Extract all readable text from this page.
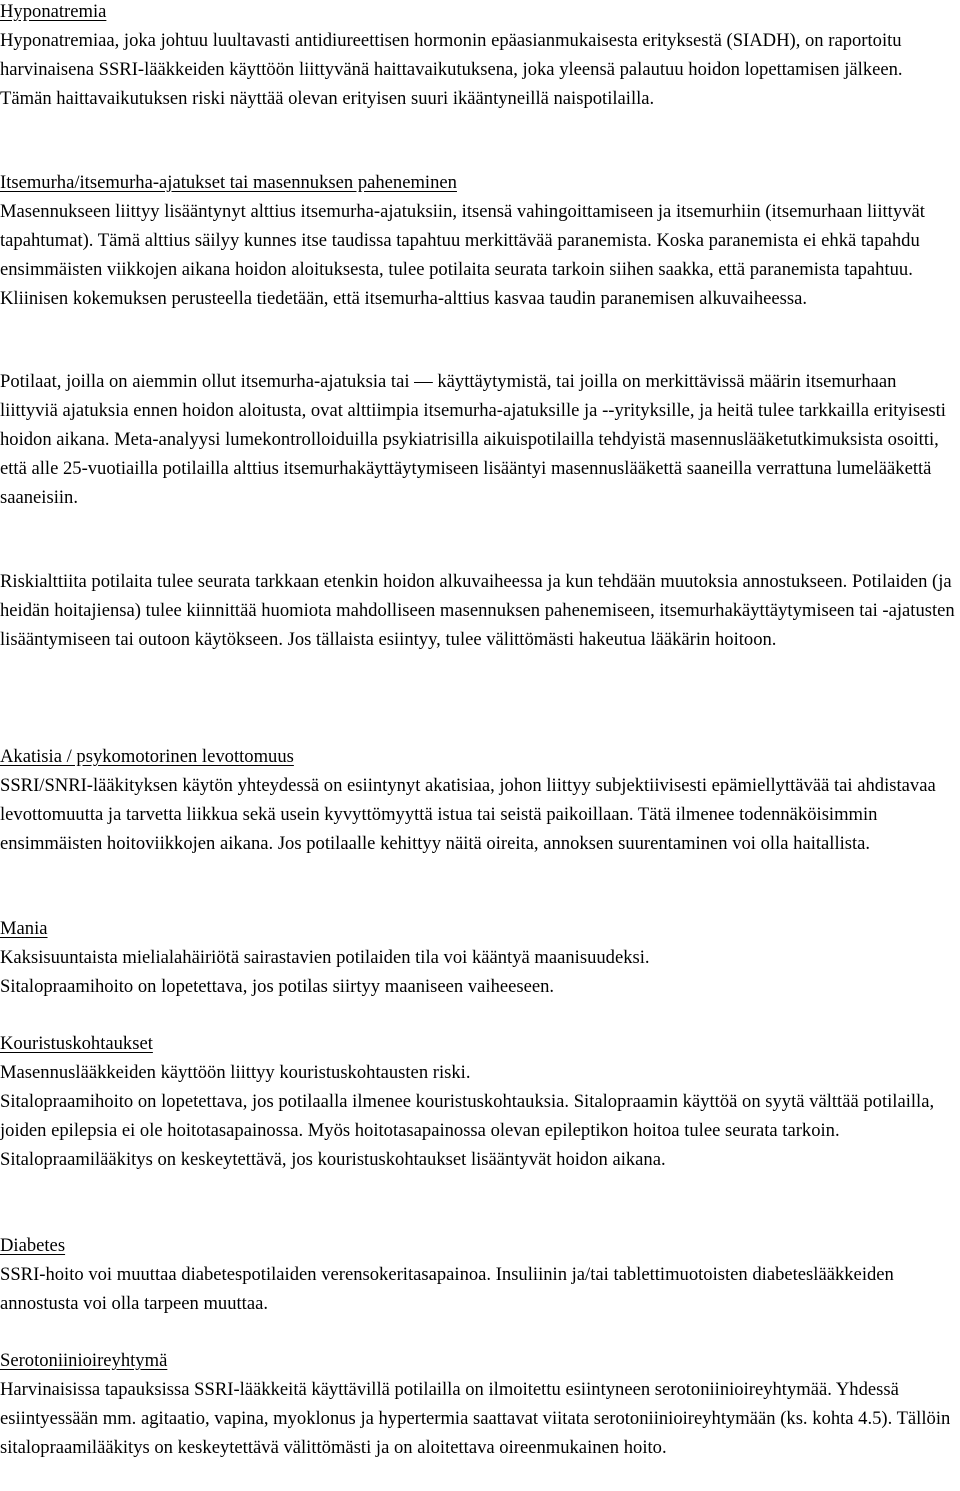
Hyponatremia

Hyponatremiaa, joka johtuu luultavasti antidiureettisen hormonin epäasianmukaisesta erityksestä (SIADH), on raportoitu harvinaisena SSRI-lääkkeiden käyttöön liittyvänä haittavaikutuksena, joka yleensä palautuu hoidon lopettamisen jälkeen. Tämän haittavaikutuksen riski näyttää olevan erityisen suuri ikääntyneillä naispotilailla.

Itsemurha/itsemurha-ajatukset tai masennuksen paheneminen

Masennukseen liittyy lisääntynyt alttius itsemurha-ajatuksiin, itsensä vahingoittamiseen ja itsemurhiin (itsemurhaan liittyvät tapahtumat). Tämä alttius säilyy kunnes itse taudissa tapahtuu merkittävää paranemista. Koska paranemista ei ehkä tapahdu ensimmäisten viikkojen aikana hoidon aloituksesta, tulee potilaita seurata tarkoin siihen saakka, että paranemista tapahtuu. Kliinisen kokemuksen perusteella tiedetään, että itsemurha-alttius kasvaa taudin paranemisen alkuvaiheessa.

Potilaat, joilla on aiemmin ollut itsemurha-ajatuksia tai — käyttäytymistä, tai joilla on merkittävissä määrin itsemurhaan liittyviä ajatuksia ennen hoidon aloitusta, ovat alttiimpia itsemurha-ajatuksille ja --yrityksille, ja heitä tulee tarkkailla erityisesti hoidon aikana. Meta-analyysi lumekontrolloiduilla psykiatrisilla aikuispotilailla tehdyistä masennuslääketutkimuksista osoitti, että alle 25-vuotiailla potilailla alttius itsemurhakäyttäytymiseen lisääntyi masennuslääkettä saaneilla verrattuna lumelääkettä saaneisiin.

Riskialttiita potilaita tulee seurata tarkkaan etenkin hoidon alkuvaiheessa ja kun tehdään muutoksia annostukseen. Potilaiden (ja heidän hoitajiensa) tulee kiinnittää huomiota mahdolliseen masennuksen pahenemiseen, itsemurhakäyttäytymiseen tai -ajatusten lisääntymiseen tai outoon käytökseen. Jos tällaista esiintyy, tulee välittömästi hakeutua lääkärin hoitoon.

Akatisia / psykomotorinen levottomuus

SSRI/SNRI-lääkityksen käytön yhteydessä on esiintynyt akatisiaa, johon liittyy subjektiivisesti epämiellyttävää tai ahdistavaa levottomuutta ja tarvetta liikkua sekä usein kyvyttömyyttä istua tai seistä paikoillaan. Tätä ilmenee todennäköisimmin ensimmäisten hoitoviikkojen aikana. Jos potilaalle kehittyy näitä oireita, annoksen suurentaminen voi olla haitallista.

Mania

Kaksisuuntaista mielialahäiriötä sairastavien potilaiden tila voi kääntyä maanisuudeksi.

Sitalopraamihoito on lopetettava, jos potilas siirtyy maaniseen vaiheeseen.

Kouristuskohtaukset

Masennuslääkkeiden käyttöön liittyy kouristuskohtausten riski.

Sitalopraamihoito on lopetettava, jos potilaalla ilmenee kouristuskohtauksia. Sitalopraamin käyttöä on syytä välttää potilailla, joiden epilepsia ei ole hoitotasapainossa. Myös hoitotasapainossa olevan epileptikon hoitoa tulee seurata tarkoin. Sitalopraamilääkitys on keskeytettävä, jos kouristuskohtaukset lisääntyvät hoidon aikana.

Diabetes

SSRI-hoito voi muuttaa diabetespotilaiden verensokeritasapainoa. Insuliinin ja/tai tablettimuotoisten diabeteslääkkeiden annostusta voi olla tarpeen muuttaa.

Serotoniinioireyhtymä

Harvinaisissa tapauksissa SSRI-lääkkeitä käyttävillä potilailla on ilmoitettu esiintyneen serotoniinioireyhtymää. Yhdessä esiintyessään mm. agitaatio, vapina, myoklonus ja hypertermia saattavat viitata serotoniinioireyhtymään (ks. kohta 4.5). Tällöin sitalopraamilääkitys on keskeytettävä välittömästi ja on aloitettava oireenmukainen hoito.
